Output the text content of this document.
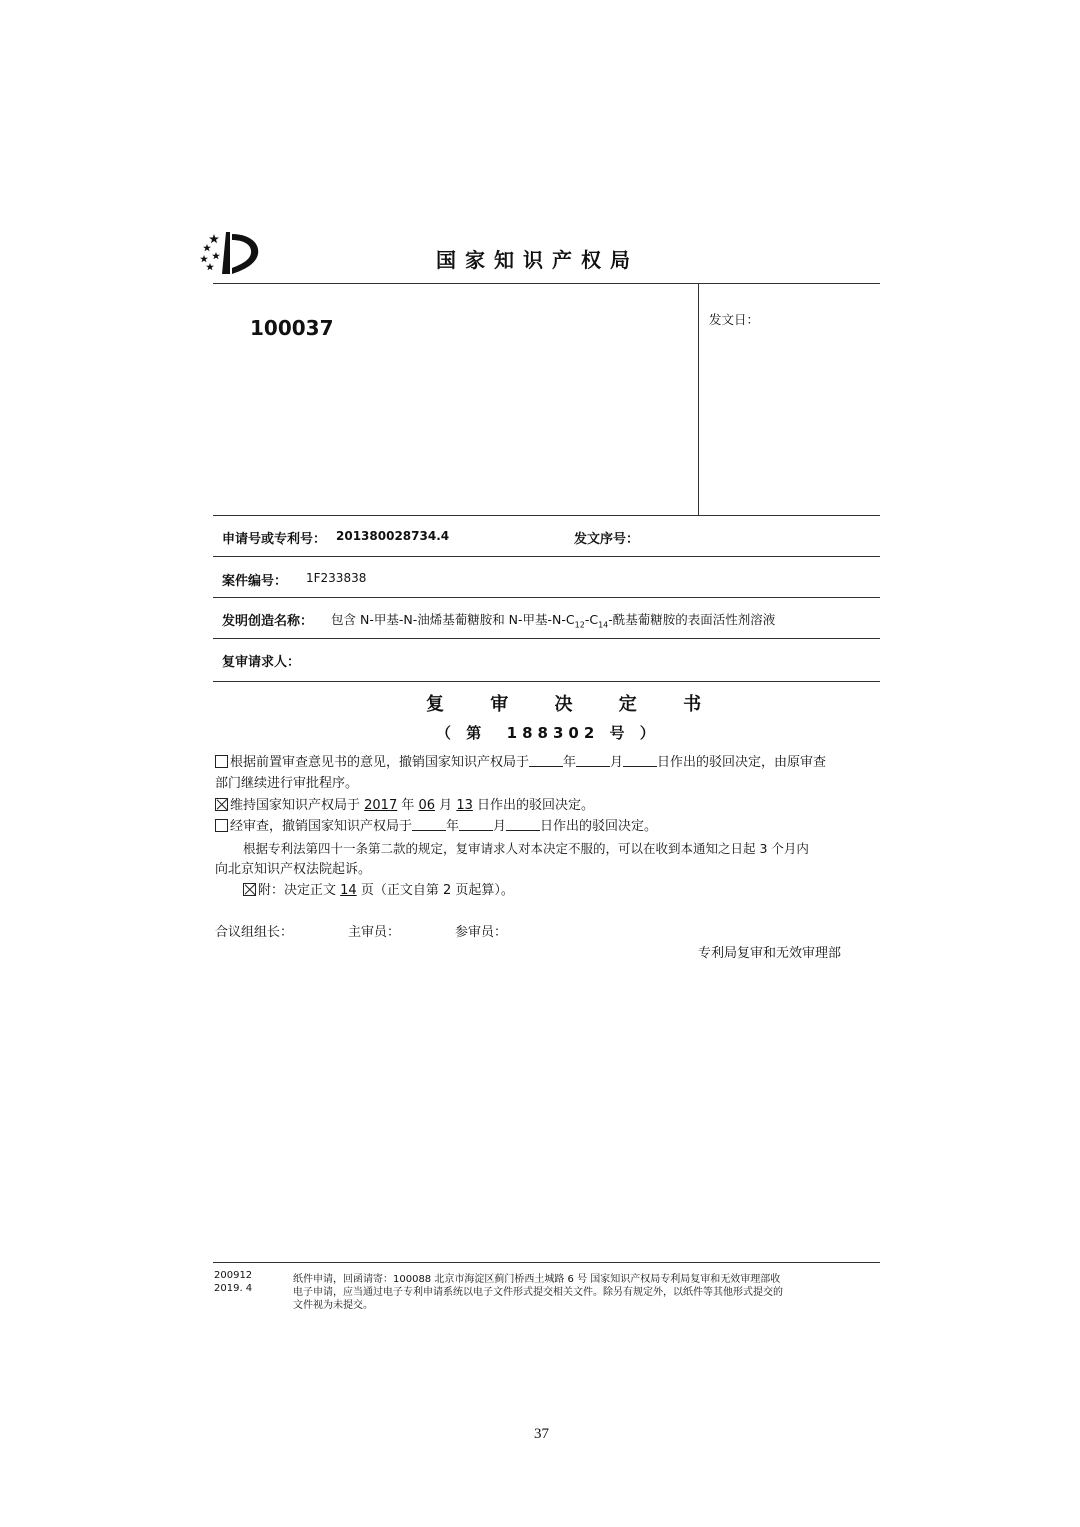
国家知识产权局
100037	发文日：
申请号或专利号： 201380028734.4	发文序号：
案件编号： 1F233838
发明创造名称： 包含 N-甲基-N-油烯基葡糖胺和 N-甲基$-N-C_{12}-C_{14}-$酰基葡糖胺的表面活性剂溶液
复审请求人：
复 审 决 定 书
（ 第  188302 号 ）
根据前置审查意见书的意见，撤销国家知识产权局于	年	月	日作出的驳回决定，由原审查
部门继续进行审批程序。
维持国家知识产权局于 2017 年 06 月 13 日作出的驳回决定。
经审查，撤销国家知识产权局于	年	月	日作出的驳回决定。
根据专利法第四十一条第二款的规定，复审请求人对本决定不服的，可以在收到本通知之日起 3 个月内
向北京知识产权法院起诉。
附：决定正文 14 页（正文自第 2 页起算）。
合议组组长：	主审员：	参审员：
专利局复审和无效审理部
200912
2019. 4
纸件申请，回函请寄：100088 北京市海淀区蓟门桥西土城路 6 号 国家知识产权局专利局复审和无效审理部收
电子申请，应当通过电子专利申请系统以电子文件形式提交相关文件。除另有规定外，以纸件等其他形式提交的
文件视为未提交。
37
